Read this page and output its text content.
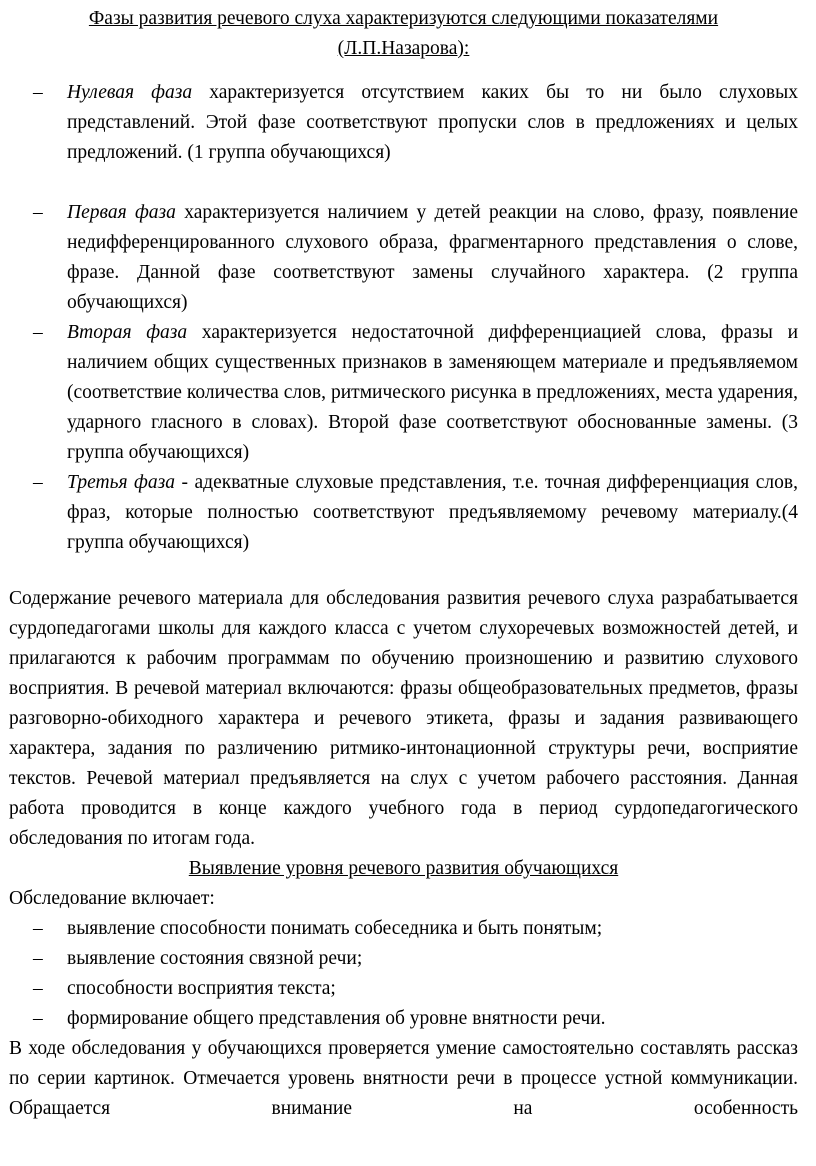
Фазы развития речевого слуха характеризуются следующими показателями
(Л.П.Назарова):

– Нулевая фаза характеризуется отсутствием каких бы то ни было слуховых представлений. Этой фазе соответствуют пропуски слов в предложениях и целых предложений. (1 группа обучающихся)
– Первая фаза характеризуется наличием у детей реакции на слово, фразу, появление недифференцированного слухового образа, фрагментарного представления о слове, фразе. Данной фазе соответствуют замены случайного характера. (2 группа обучающихся)
– Вторая фаза характеризуется недостаточной дифференциацией слова, фразы и наличием общих существенных признаков в заменяющем материале и предъявляемом (соответствие количества слов, ритмического рисунка в предложениях, места ударения, ударного гласного в словах). Второй фазе соответствуют обоснованные замены. (3 группа обучающихся)
– Третья фаза - адекватные слуховые представления, т.е. точная дифференциация слов, фраз, которые полностью соответствуют предъявляемому речевому материалу.(4 группа обучающихся)

Содержание речевого материала для обследования развития речевого слуха разрабатывается сурдопедагогами школы для каждого класса с учетом слухоречевых возможностей детей, и прилагаются к рабочим программам по обучению произношению и развитию слухового восприятия. В речевой материал включаются: фразы общеобразовательных предметов, фразы разговорно-обиходного характера и речевого этикета, фразы и задания развивающего характера, задания по различению ритмико-интонационной структуры речи, восприятие текстов. Речевой материал предъявляется на слух с учетом рабочего расстояния. Данная работа проводится в конце каждого учебного года в период сурдопедагогического обследования по итогам года.

Выявление уровня речевого развития обучающихся

Обследование включает:

– выявление способности понимать собеседника и быть понятым;
– выявление состояния связной речи;
– способности восприятия текста;
– формирование общего представления об уровне внятности речи.

В ходе обследования у обучающихся проверяется умение самостоятельно составлять рассказ по серии картинок. Отмечается уровень внятности речи в процессе устной коммуникации. Обращается внимание на особенность
